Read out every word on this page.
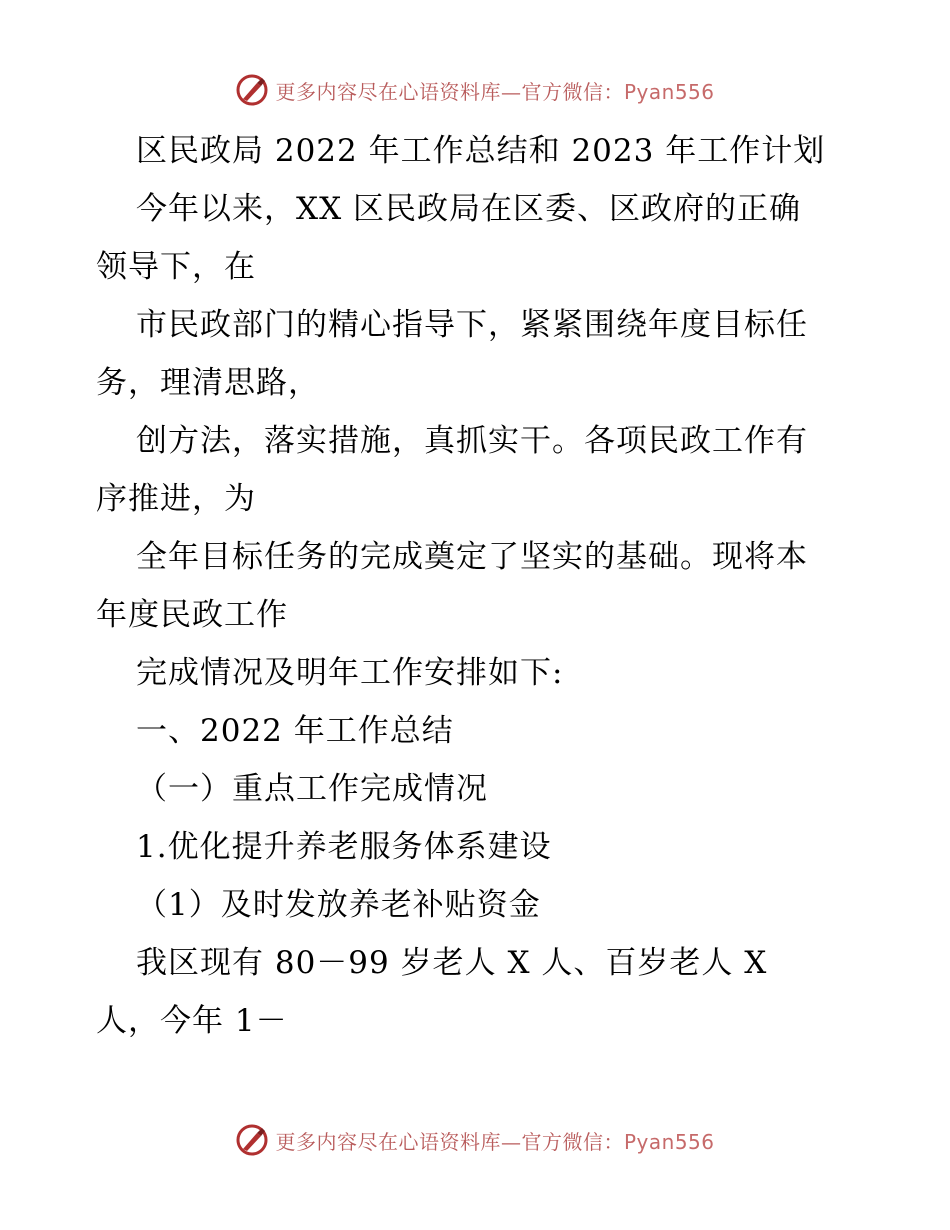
更多内容尽在心语资料库—官方微信：Pyan556
区民政局 2022 年工作总结和 2023 年工作计划
今年以来，XX 区民政局在区委、区政府的正确
领导下，在
市民政部门的精心指导下，紧紧围绕年度目标任
务，理清思路，
创方法，落实措施，真抓实干。各项民政工作有
序推进，为
全年目标任务的完成奠定了坚实的基础。现将本
年度民政工作
完成情况及明年工作安排如下:
一、2022 年工作总结
（一）重点工作完成情况
1.优化提升养老服务体系建设
（1）及时发放养老补贴资金
我区现有 80－99 岁老人 X 人、百岁老人 X
人，今年 1－
更多内容尽在心语资料库—官方微信：Pyan556
